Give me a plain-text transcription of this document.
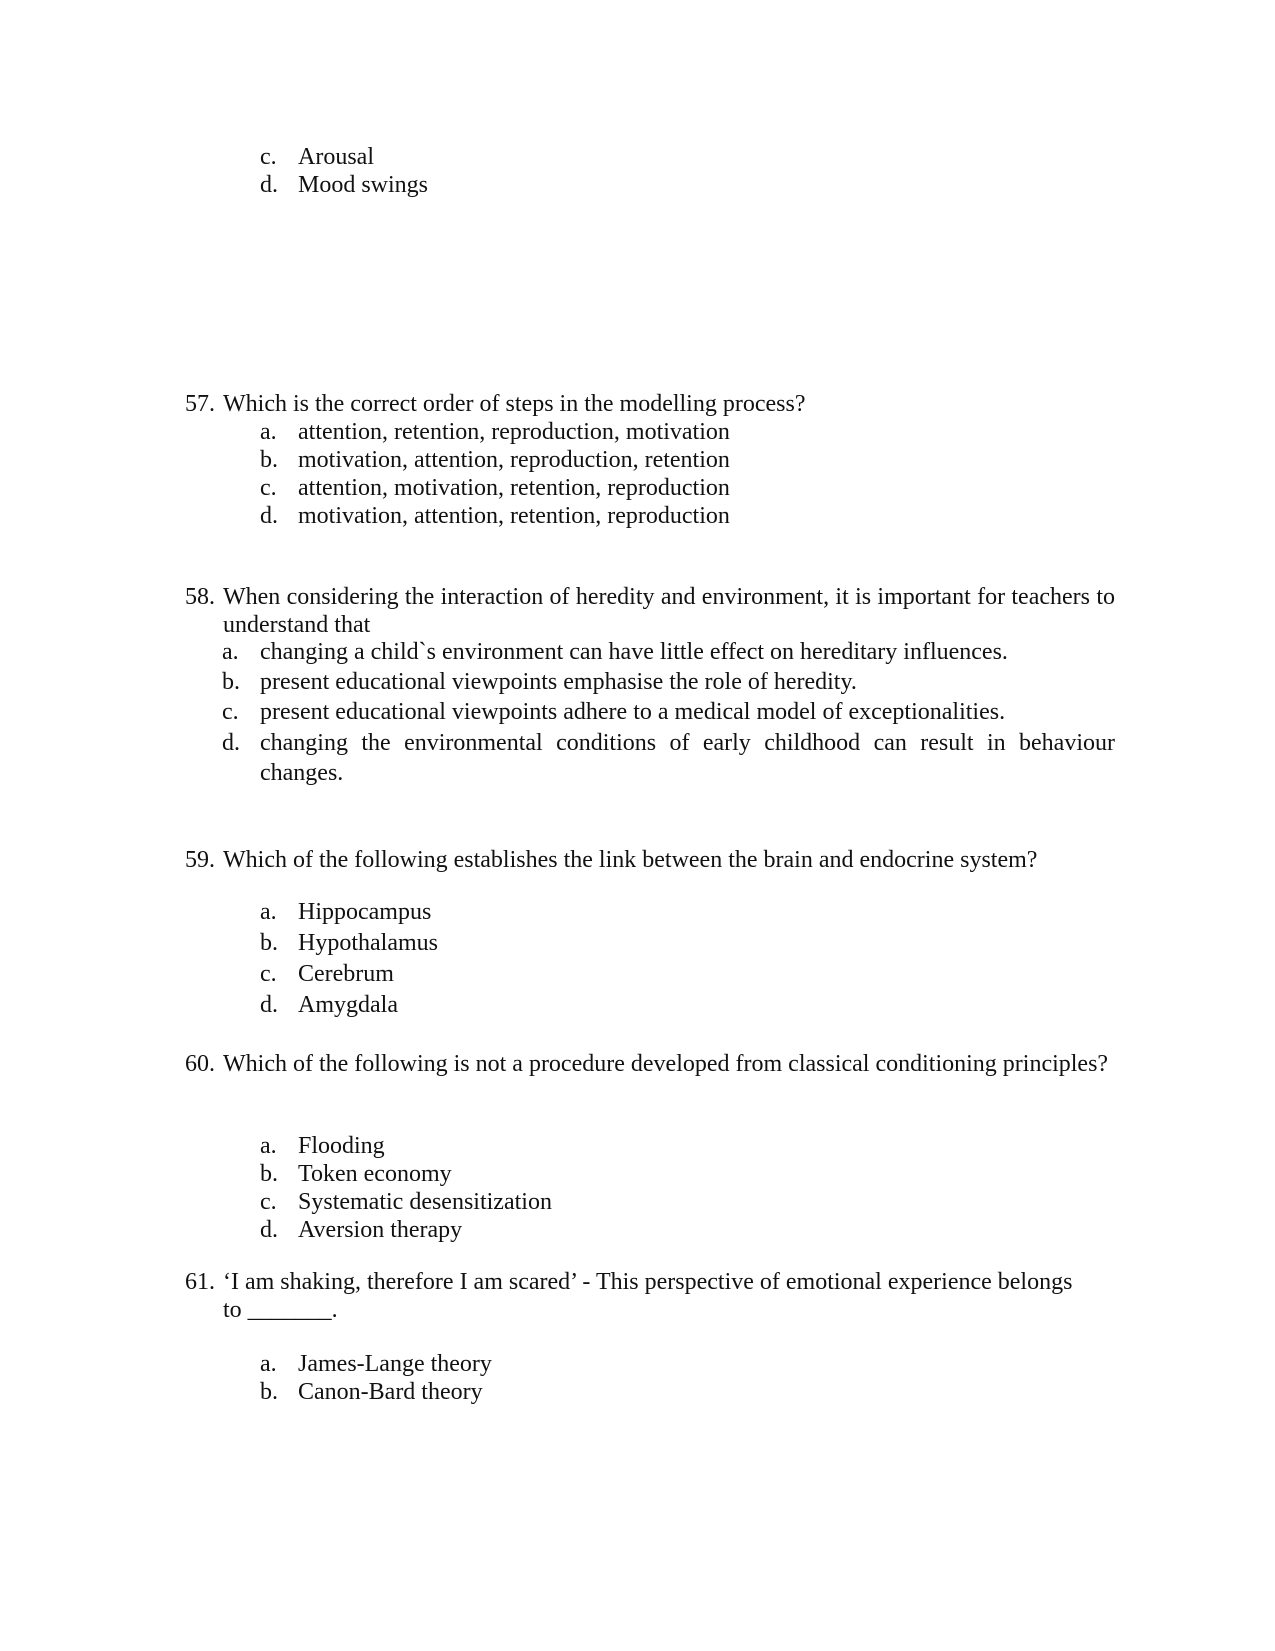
c. Arousal
d. Mood swings
57. Which is the correct order of steps in the modelling process?
a. attention, retention, reproduction, motivation
b. motivation, attention, reproduction, retention
c. attention, motivation, retention, reproduction
d. motivation, attention, retention, reproduction
58. When considering the interaction of heredity and environment, it is important for teachers to understand that
a. changing a child`s environment can have little effect on hereditary influences.
b. present educational viewpoints emphasise the role of heredity.
c. present educational viewpoints adhere to a medical model of exceptionalities.
d. changing the environmental conditions of early childhood can result in behaviour changes.
59. Which of the following establishes the link between the brain and endocrine system?
a. Hippocampus
b. Hypothalamus
c. Cerebrum
d. Amygdala
60. Which of the following is not a procedure developed from classical conditioning principles?
a. Flooding
b. Token economy
c. Systematic desensitization
d. Aversion therapy
61. ‘I am shaking, therefore I am scared’ - This perspective of emotional experience belongs to _______.
a. James-Lange theory
b. Canon-Bard theory
